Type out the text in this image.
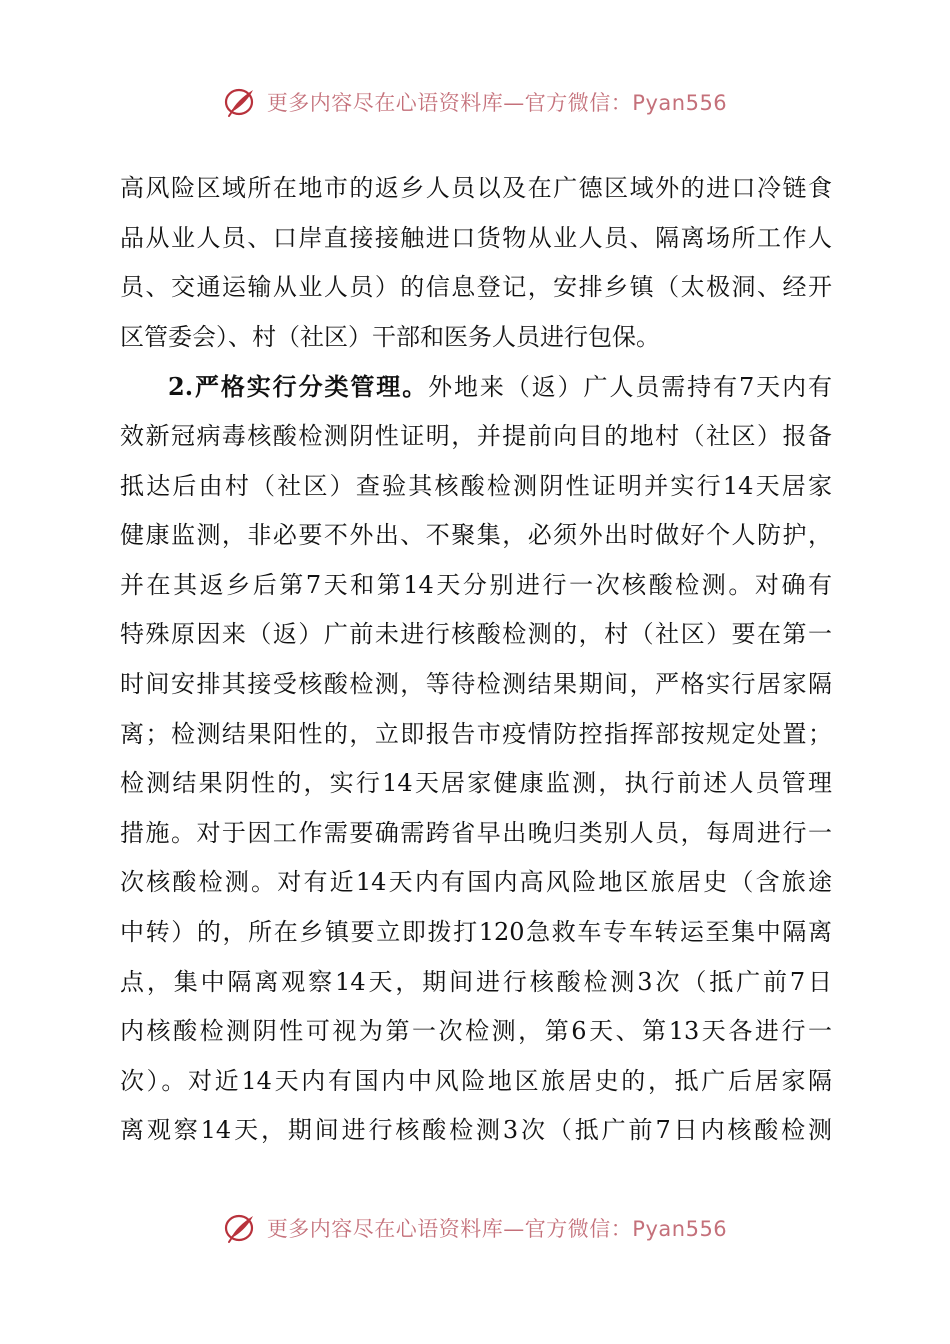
更多内容尽在心语资料库—官方微信：Pyan556
高风险区域所在地市的返乡人员以及在广德区域外的进口冷链食
品从业人员、口岸直接接触进口货物从业人员、隔离场所工作人
员、交通运输从业人员）的信息登记，安排乡镇（太极洞、经开
区管委会）、村（社区）干部和医务人员进行包保。
2.严格实行分类管理。外地来（返）广人员需持有7天内有
效新冠病毒核酸检测阴性证明，并提前向目的地村（社区）报备
抵达后由村（社区）查验其核酸检测阴性证明并实行14天居家
健康监测，非必要不外出、不聚集，必须外出时做好个人防护，
并在其返乡后第7天和第14天分别进行一次核酸检测。对确有
特殊原因来（返）广前未进行核酸检测的，村（社区）要在第一
时间安排其接受核酸检测，等待检测结果期间，严格实行居家隔
离；检测结果阳性的，立即报告市疫情防控指挥部按规定处置；
检测结果阴性的，实行14天居家健康监测，执行前述人员管理
措施。对于因工作需要确需跨省早出晚归类别人员，每周进行一
次核酸检测。对有近14天内有国内高风险地区旅居史（含旅途
中转）的，所在乡镇要立即拨打120急救车专车转运至集中隔离
点，集中隔离观察14天，期间进行核酸检测3次（抵广前7日
内核酸检测阴性可视为第一次检测，第6天、第13天各进行一
次）。对近14天内有国内中风险地区旅居史的，抵广后居家隔
离观察14天，期间进行核酸检测3次（抵广前7日内核酸检测
更多内容尽在心语资料库—官方微信：Pyan556
